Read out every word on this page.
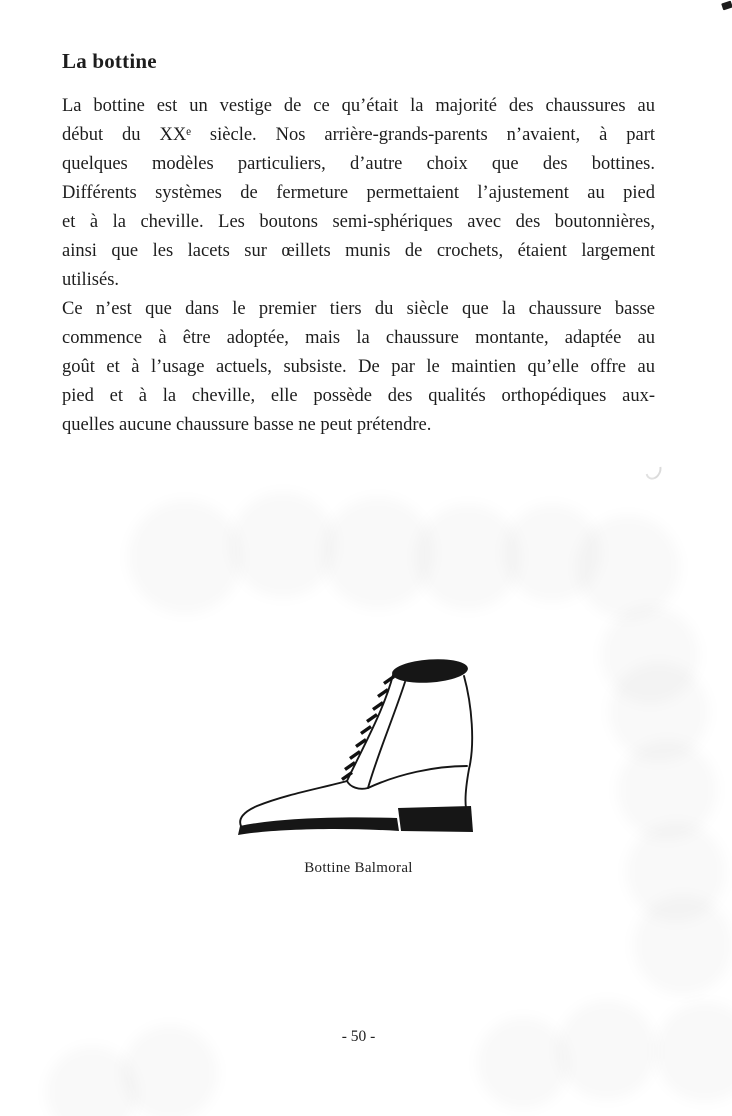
La bottine

La bottine est un vestige de ce qu’était la majorité des chaussures au

début du XXᵉ siècle. Nos arrière-grands-parents n’avaient, à part

quelques modèles particuliers, d’autre choix que des bottines.

Différents systèmes de fermeture permettaient l’ajustement au pied

et à la cheville. Les boutons semi-sphériques avec des boutonnières,

ainsi que les lacets sur œillets munis de crochets, étaient largement

utilisés.

Ce n’est que dans le premier tiers du siècle que la chaussure basse

commence à être adoptée, mais la chaussure montante, adaptée au

goût et à l’usage actuels, subsiste. De par le maintien qu’elle offre au

pied et à la cheville, elle possède des qualités orthopédiques aux-

quelles aucune chaussure basse ne peut prétendre.

Bottine Balmoral
- 50 -
